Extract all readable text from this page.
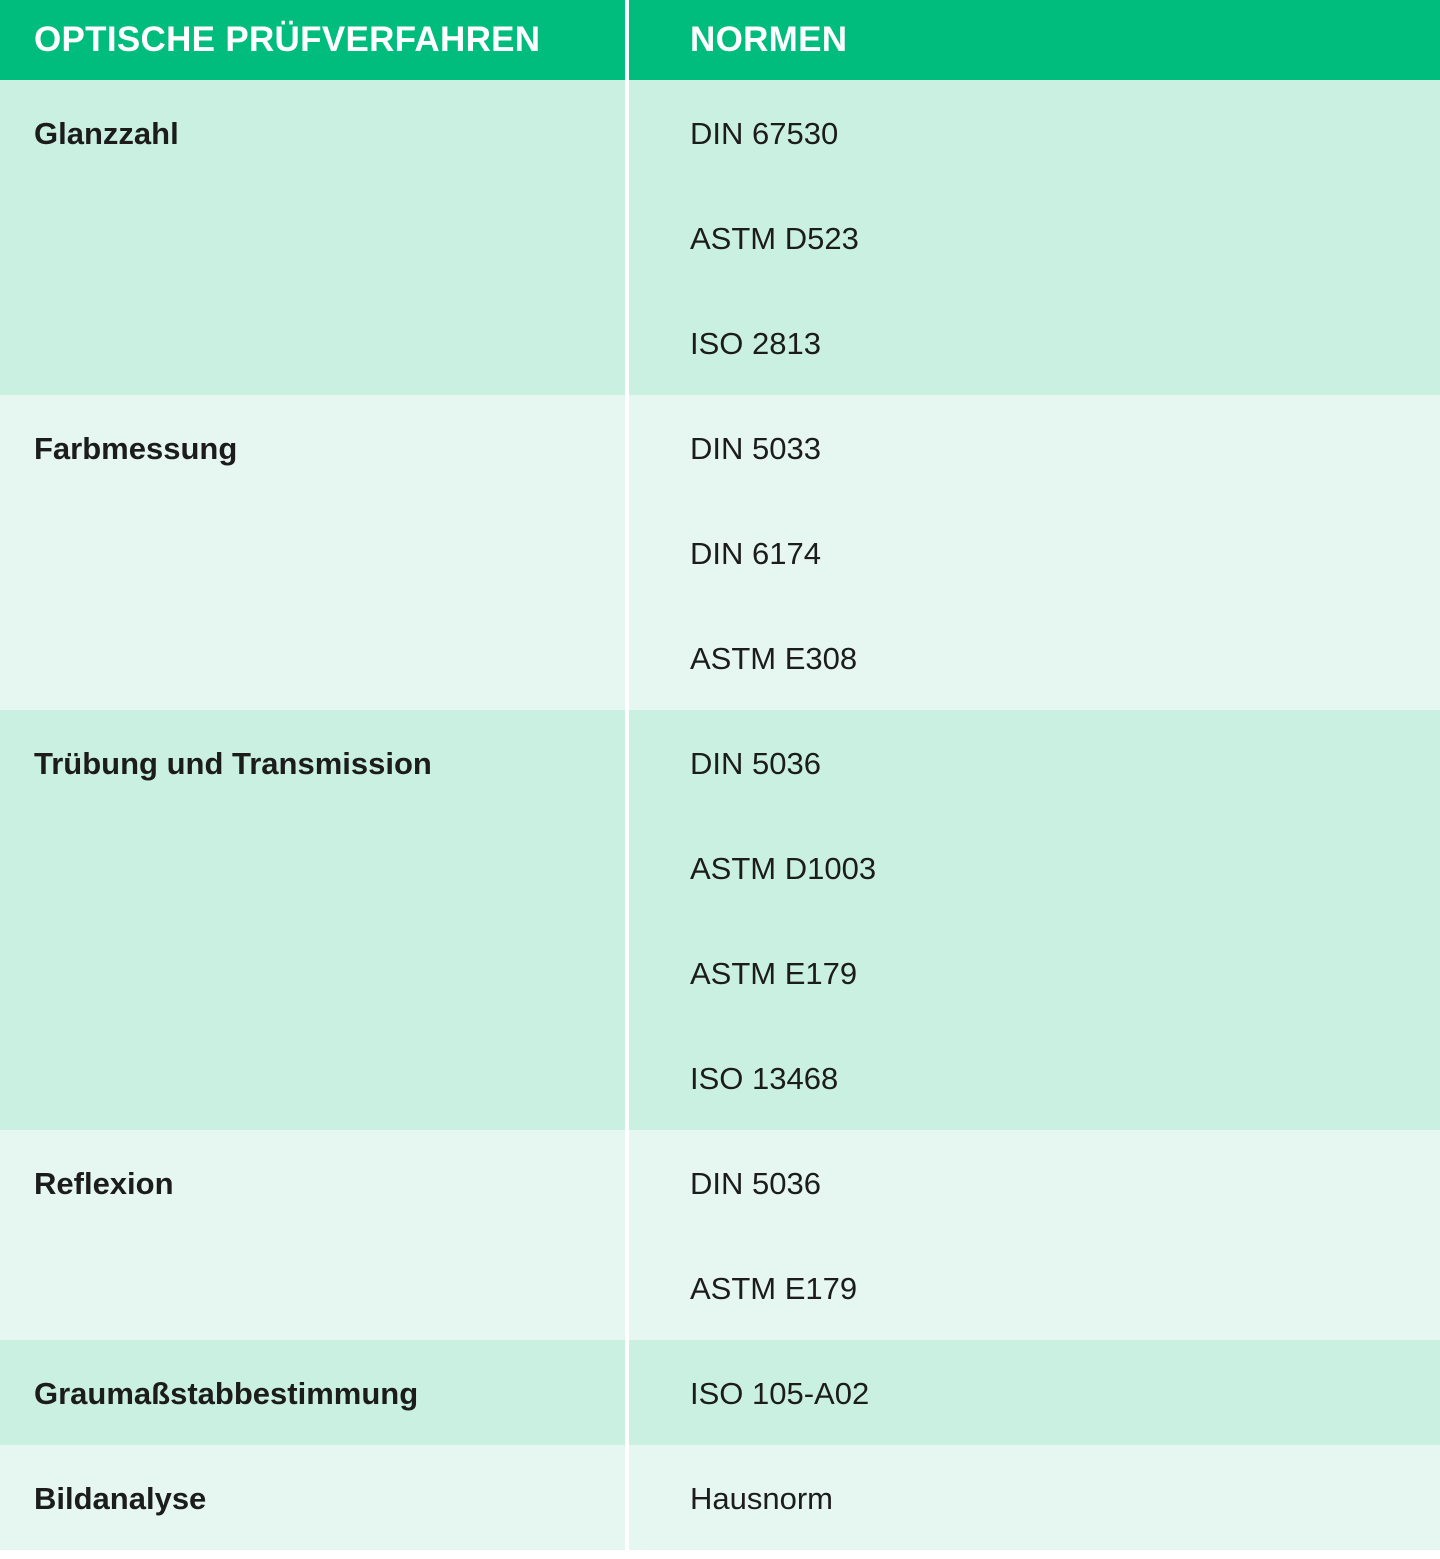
OPTISCHE PRÜFVERFAHREN	NORMEN
Glanzzahl	DIN 67530
ASTM D523
ISO 2813
Farbmessung	DIN 5033
DIN 6174
ASTM E308
Trübung und Transmission	DIN 5036
ASTM D1003
ASTM E179
ISO 13468
Reflexion	DIN 5036
ASTM E179
Graumaßstabbestimmung	ISO 105-A02
Bildanalyse	Hausnorm
